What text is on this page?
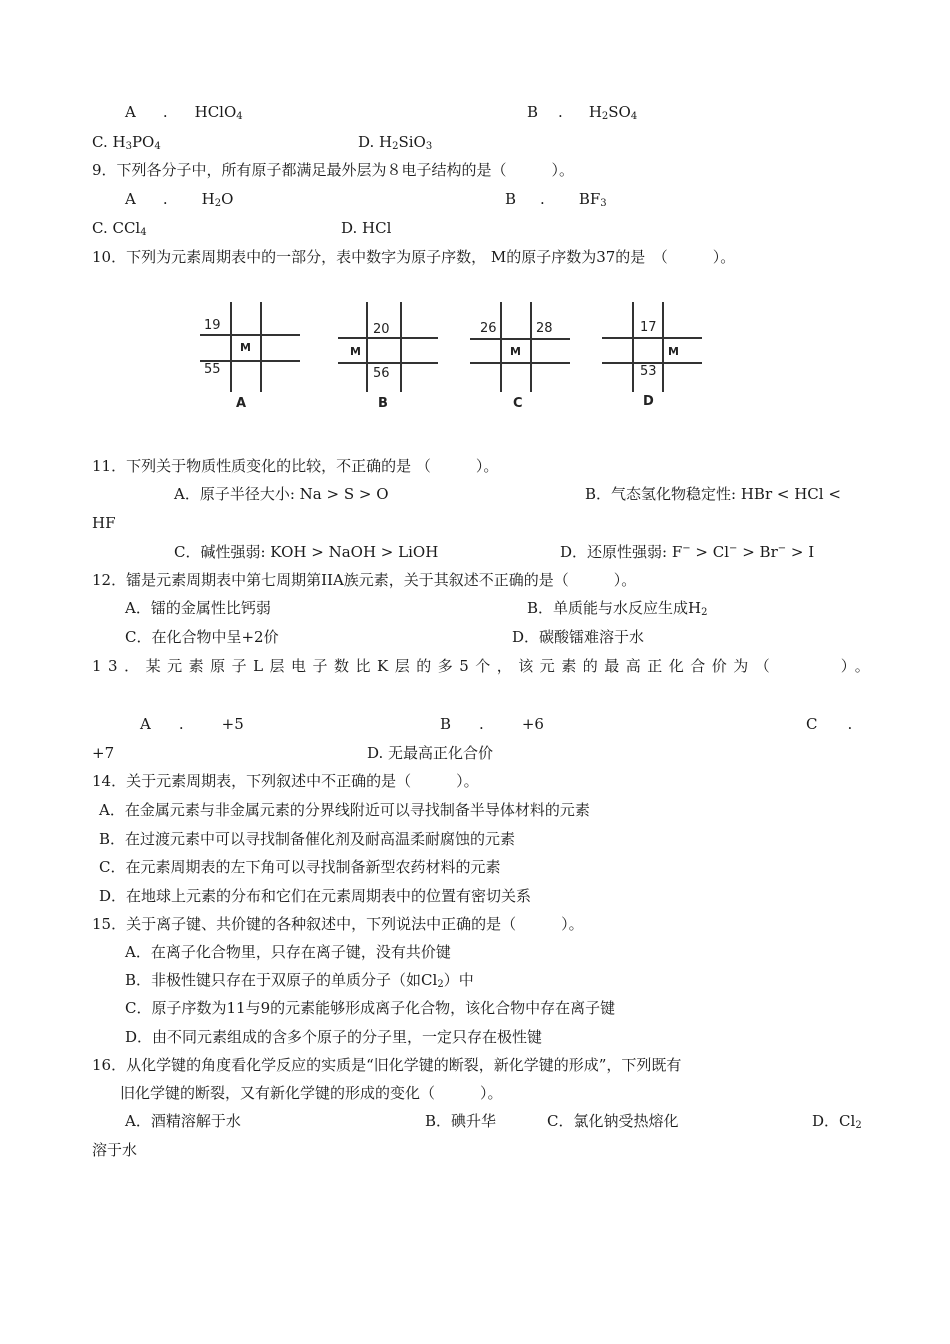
A . HClO$_4$	B . $H_2SO_4$
C. $H_3PO_4$	D. $H_2SiO_3$
9．下列各分子中，所有原子都满足最外层为８电子结构的是（　　　）。
A . $H_2O$	B . $BF_3$
C. CCl$_4$	D. HCl
10．下列为元素周期表中的一部分，表中数字为原子序数， M的原子序数为37的是　（　　　）。
19
M
55
A
20
M
56
B
26	28
M
C
17
M
53
D
11．下列关于物质性质变化的比较，不正确的是 （　　　）。
A．原子半径大小: Na > S > O	B．气态氢化物稳定性: HBr < HCl <
HF
C．碱性强弱: KOH > NaOH > LiOH	D．还原性强弱: F− > Cl− > Br− > I
12．镭是元素周期表中第七周期第IIA族元素，关于其叙述不正确的是（　　　）。
A．镭的金属性比钙弱	B．单质能与水反应生成$H_2$
C．在化合物中呈+2价	D．碳酸镭难溶于水
13．某元素原子L层电子数比K层的多5个，该元素的最高正化合价为（　　　）。
A .	+5	B .	+6	C .
+7	D. 无最高正化合价
14．关于元素周期表，下列叙述中不正确的是（　　　）。
A．在金属元素与非金属元素的分界线附近可以寻找制备半导体材料的元素
B．在过渡元素中可以寻找制备催化剂及耐高温柔耐腐蚀的元素
C．在元素周期表的左下角可以寻找制备新型农药材料的元素
D．在地球上元素的分布和它们在元素周期表中的位置有密切关系
15．关于离子键、共价键的各种叙述中，下列说法中正确的是（　　　）。
A．在离子化合物里，只存在离子键，没有共价键
B．非极性键只存在于双原子的单质分子（如$Cl_2$）中
C．原子序数为11与9的元素能够形成离子化合物，该化合物中存在离子键
D．由不同元素组成的含多个原子的分子里，一定只存在极性键
16．从化学键的角度看化学反应的实质是“旧化学键的断裂，新化学键的形成”，下列既有
旧化学键的断裂，又有新化学键的形成的变化（　　　）。
A．酒精溶解于水	B．碘升华	C．氯化钠受热熔化	D．$Cl_2$
溶于水
